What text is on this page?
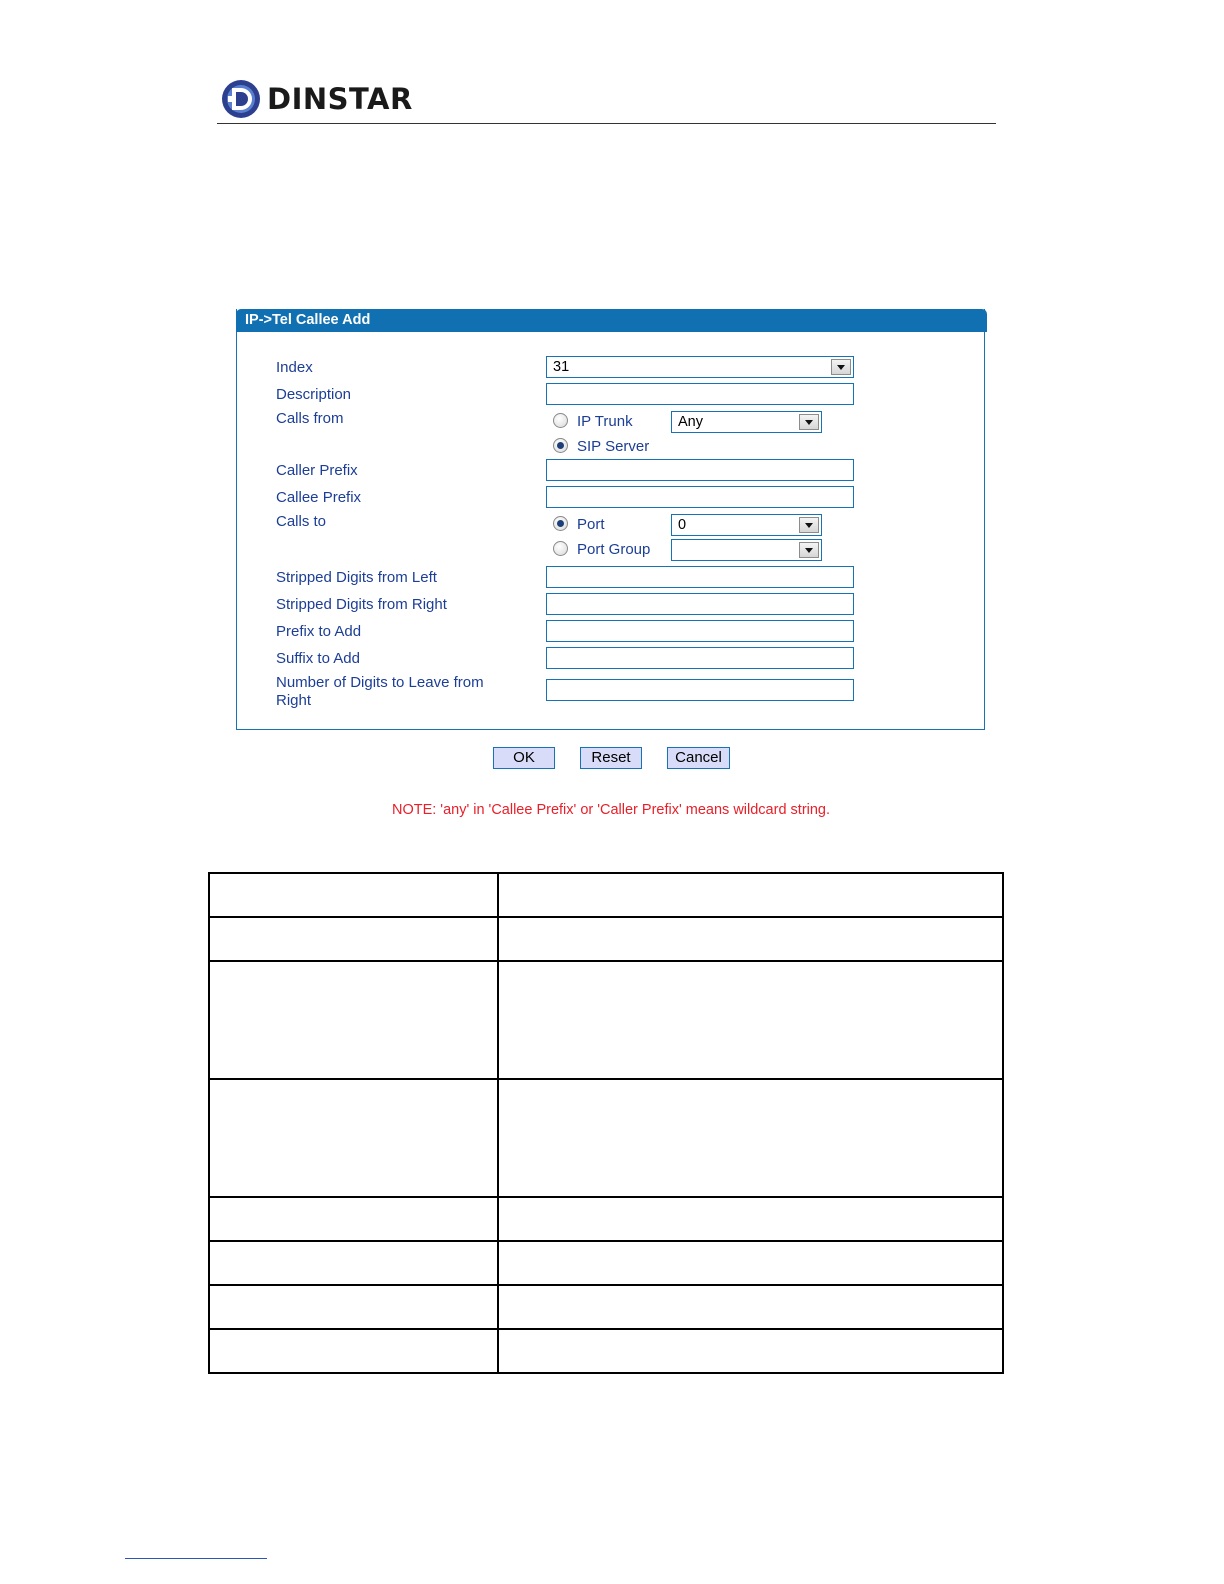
DINSTAR
IP->Tel Callee Add
Index	31
Description
Calls from	IP Trunk	Any
SIP Server
Caller Prefix
Callee Prefix
Calls to	Port	0
Port Group
Stripped Digits from Left
Stripped Digits from Right
Prefix to Add
Suffix to Add
Number of Digits to Leave from
Right
OK	Reset	Cancel
NOTE: 'any' in 'Callee Prefix' or 'Caller Prefix' means wildcard string.
